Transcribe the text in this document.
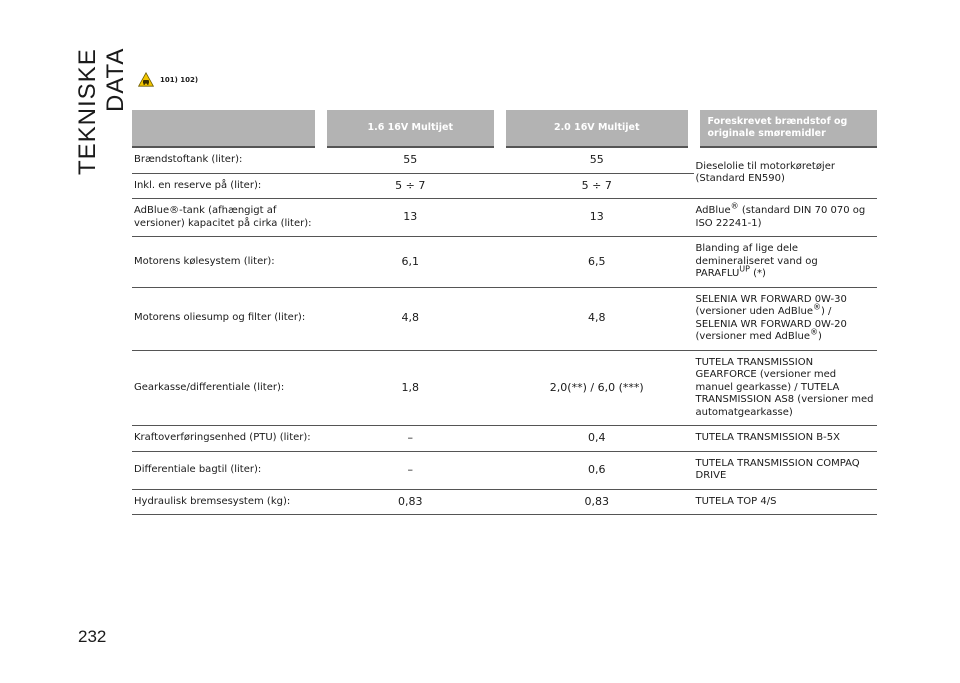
TEKNISKE DATA
232
101) 102)
	1.6 16V Multijet	2.0 16V Multijet	Foreskrevet brændstof og originale smøremidler
Brændstoftank (liter):	55	55	Dieselolie til motorkøretøjer (Standard EN590)
Inkl. en reserve på (liter):	5 ÷ 7	5 ÷ 7	
AdBlue®-tank (afhængigt af versioner) kapacitet på cirka (liter):	13	13	AdBlue® (standard DIN 70 070 og ISO 22241-1)
Motorens kølesystem (liter):	6,1	6,5	Blanding af lige dele demineraliseret vand og $PARAFLU^{UP}$ (*)
Motorens oliesump og filter (liter):	4,8	4,8	SELENIA WR FORWARD 0W-30 (versioner uden AdBlue®) / SELENIA WR FORWARD 0W-20 (versioner med AdBlue®)
Gearkasse/differentiale (liter):	1,8	2,0(**) / 6,0 (***)	TUTELA TRANSMISSION GEARFORCE (versioner med manuel gearkasse) / TUTELA TRANSMISSION AS8 (versioner med automatgearkasse)
Kraftoverføringsenhed (PTU) (liter):	–	0,4	TUTELA TRANSMISSION B-5X
Differentiale bagtil (liter):	–	0,6	TUTELA TRANSMISSION COMPAQ DRIVE
Hydraulisk bremsesystem (kg):	0,83	0,83	TUTELA TOP 4/S
